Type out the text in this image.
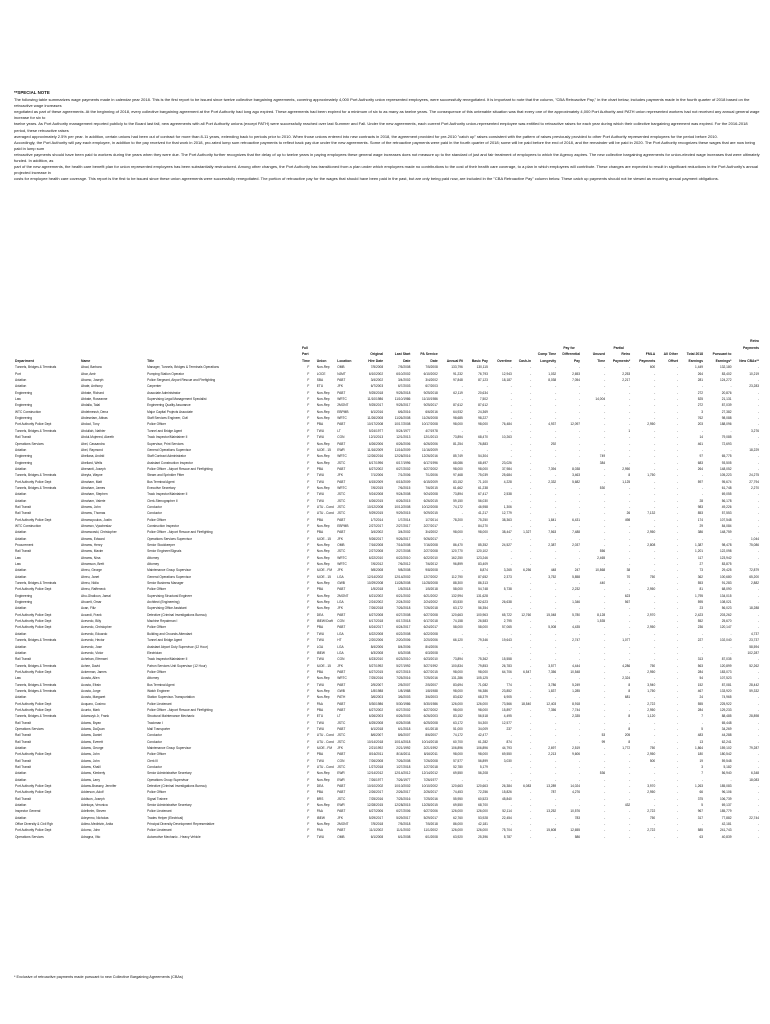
**SPECIAL NOTE

The following table summarizes wage payments made in calendar year 2018. This is the first report to be issued since twelve collective bargaining agreements, covering approximately 4,000 Port Authority union represented employees, were successfully renegotiated. It is important to note that the column, "CBA Retroactive Pay," in the chart below, includes payments made in the fourth quarter of 2018 based on the retroactive wage increases

negotiated as part of these agreements. At the beginning of 2018, every collective bargaining agreement at the Port Authority had long ago expired. These agreements had been expired for a minimum of six to as many as twelve years. The consequence of this untenable situation was that every one of the approximately 4,000 Port Authority and PATH union represented workers had not received any annual general wage increase for six to

twelve years. As Port Authority management reported publicly to the Board last fall, new agreements with all Port Authority unions (except PATH) were successfully reached over last Summer and Fall. Under the new agreements, each current Port Authority union-represented employee was entitled to retroactive raises for each year during which their collective bargaining agreement was expired. For the 2016-2018 period, these retroactive raises

averaged approximately 2.5% per year. In addition, certain unions had been out of contract for more than 8-11 years, extending back to periods prior to 2010. When those unions entered into new contracts in 2018, the agreement provided for pre-2010 "catch up" raises consistent with the pattern of raises previously provided to other Port Authority represented employees for the period before 2010.

Accordingly, the Port Authority will pay each employee, in addition to the pay received for that work in 2018, pro-rated lump sum retroactive payments to reflect back pay due under the new agreements. Some of the retroactive payments were paid in the fourth quarter of 2018; some will be paid before the end of 2018, and the remainder will be paid in 2020. The Port Authority recognizes these wages that are now being paid in lump sum

retroactive payments should have been paid to workers during the years when they were due. The Port Authority further recognizes that the delay of up to twelve years in paying employees these general wage increases does not measure up to the standard of just and fair treatment of employees to which the Agency aspires. The new collective bargaining agreements for union-elected wage increases that were ultimately funded. In addition, as

part of the new agreements, the health care benefit plan for union represented employees has been substantially restructured. Among other changes, the Port Authority has transitioned from a plan under which employees made no contributions to the cost of their health care coverage, to a plan in which employees will contribute. These changes are expected to result in significant reductions in the Port Authority's annual projected increase in

costs for employee health care coverage. This report is the first to be issued since these union agreements were successfully renegotiated. The portion of retroactive pay for the wages that should have been paid in the past, but are only being paid now, are included in the "CBA Retroactive Pay" column below. These catch up payments should not be viewed as recurring annual payment obligations.

																					Retro
			Full											Pay for		Partial					Payments
			Part			Original	Last Start	PA Service				Comp Time		Differential	Unused	Retro	FMLA	All Other	Total 2018	Pursuant to	
Department	Name	Title	Time	Union	Location	Hire Date	Date	Date	Annual Rt	Basic Pay	Overtime	Cash-in	Longevity	Pay	Time	Payments*	Payments	Offset	Earnings	Earnings*	New CBAs**
Tunnels, Bridges & Terminals	Abad, Barbara	Manager, Tunnels, Bridges & Terminals Operations	F	Non-Rep	OMB	7/5/2008	7/5/2008	7/5/2008	133,796	130,115	-	-	-	-	-	-	600	-	1,449	132,180	-
Port	Abar, Amir	Pumping Station Operator	F	LOCE	NJMT	6/10/2002	6/10/2002	6/10/2002	91,232	76,793	12,943	-	1,032	2,653	-	2,253	-	-	264	83,402	10,219
Aviation	Abarno, Joseph	Police Sergeant, Airport Rescue and Firefighting	F	SBA	PABT	3/4/2002	3/4/2002	3/4/2002	97,848	87,123	18,187	-	8,038	7,054	-	2,217	-	-	281	124,272	-
Aviation	Abate, Anthony	Carpenter	F	ETU	JFK	6/7/2003	6/7/2003	6/7/2003	-	-	-	-	-	-	-	-	-	-	-	-	23,283
Engineering	Abbate, Richard	Associate Administrator	F	Non-Rep	PABT	9/25/2018	9/25/2018	9/25/2018	62,119	20,634	-	-	-	-	-	-	-	-	272	20,876	-
Law	Abbate, Roseanne	Supervising Legal Management Specialist	F	Non-Rep	WRTC	11/10/1986	11/10/1986	11/10/1986	-	7,502	-	-	-	-	14,004	-	-	-	525	21,131	-
Engineering	Abdalla, Talal	Engineering Quality Assurance	F	Non-Rep	2MONT	9/25/2017	9/25/2017	9/25/2017	87,612	87,612	-	-	-	-	-	-	-	-	272	87,039	-
WTC Construction	Abdelmessh, Dena	Major Capital Projects Associate	F	Non-Rep	EBPMB	6/1/2016	6/6/2016	6/6/2016	64,932	24,369	-	-	-	-	-	-	-	-	3	27,382	-
Engineering	Abdeselam, Abbas	Staff Services Engineer, Civil	F	Non-Rep	WRTC	11/26/2008	11/26/2008	11/26/2008	98,685	98,227	-	-	-	-	-	-	-	-	762	98,088	-
Port Authority Police Dept	Abdool, Tony	Police Officer	F	PBA	PABT	10/17/2008	10/17/2008	10/17/2008	98,000	98,000	76,484	-	4,937	12,097	-	-	2,950	-	203	188,096	-
Tunnels, Bridges & Terminals	Abdullah, Nathier	Tunnel and Bridge Agent	F	TWU	LT	5/24/1977	5/24/1977	4/7/1978	-	-	-	-	-	-	-	1	-	-	-	-	3,276
Rail Transit	Abdul-Mujeeed, Akeeth	Track Inspector/Maintainer II	F	TWU	CON	12/1/2013	12/1/2013	12/1/2013	73,894	68,470	10,263	-	-	-	-	-	-	-	14	79,085	-
Operations Services	Abel, Cassandra	Supervisor, Print Services	F	Non-Rep	PABT	6/26/2006	6/26/2006	6/26/2006	81,254	76,883	-	-	292	-	-	-	-	-	461	72,693	-
Aviation	Abel, Raymond	General Operations Supervisor	F	IUOE - 15	EWR	11/16/2009	11/16/2009	11/16/2009	-	-	-	-	-	-	-	-	-	-	-	-	18,229
Engineering	Abellana, Andrid	Staff Contract Administrator	F	Non-Rep	WRTC	12/26/2016	12/26/2016	12/26/2016	85,749	54,304	-	-	-	-	749	-	-	-	97	65,775	-
Engineering	Abellard, Wells	Assistant Construction Inspector	F	Non-Rep	JSTC	6/17/1996	6/17/1996	6/17/1996	68,086	68,497	23,026	-	-	-	384	-	-	-	683	93,505	-
Aviation	Abenanti, Joseph	Police Officer - Airport Rescue and Firefighting	F	PBA	PABT	6/27/2002	6/27/2002	6/27/2002	98,000	98,000	37,984	-	7,394	8,038	-	2,950	-	-	264	148,052	-
Tunnels, Bridges & Terminals	Abeyta, Wayne	Steam and Sprinkler Fitter	F	TWU	JFK	7/1/2006	7/1/2006	7/1/2006	97,468	75,039	25,684	-	-	3,463	-	8	1,750	-	-	105,223	24,275
Port Authority Police Dept	Abraham, Matt	Bus Terminal Agent	F	TWU	PABT	6/15/2009	6/15/2009	6/15/2009	83,152	71,100	4,228	-	2,332	5,682	-	1,125	-	-	597	95,674	27,794
Tunnels, Bridges & Terminals	Abraham, James	Executive Secretary	F	Non-Rep	WRTC	7/6/2015	7/6/2015	7/6/2015	61,662	61,238	-	-	-	-	530	-	-	-	-	61,748	2,270
Aviation	Abraham, Stephen	Track Inspector/Maintainer II	F	TWU	JSTC	9/24/2008	9/24/2008	9/24/2008	73,894	67,417	2,538	-	-	-	-	-	-	-	-	69,055	-
Aviation	Abraham, Valerie	Clerk-Stenographer II	F	TWU	JSTC	6/26/2015	6/26/2015	6/26/2015	59,150	56,030	-	-	-	-	-	-	-	-	28	56,178	-
Rail Transit	Abrams, John	Conductor	F	UTU - Cond	JSTC	10/12/2008	10/12/2008	10/12/2008	74,172	46,958	1,306	-	-	-	-	-	-	-	983	49,226	-
Rail Transit	Abrams, Thomas	Conductor	F	UTU - Cond	JSTC	9/29/2015	9/29/2015	9/29/2015	-	41,217	12,779	-	-	-	-	26	7,132	-	853	57,553	-
Port Authority Police Dept	Abramopoulos, Justin	Police Officer	F	PBA	PABT	1/7/2014	1/7/2014	1/7/2014	78,200	75,250	38,363	-	1,841	6,431	-	498	-	-	174	107,548	-
WTC Construction	Abramov, Vyacheslav	Construction Inspector	F	Non-Rep	EBPMB	2/27/2017	2/27/2017	2/27/2017	-	84,270	-	-	-	-	-	-	-	-	29	84,084	-
Aviation	Abramowski, Christopher	Police Officer - Airport Rescue and Firefighting	F	PBA	PABT	3/4/2002	3/4/2002	3/4/2002	98,000	98,000	38,447	1,327	7,563	7,488	-	-	2,950	-	386	148,759	-
Aviation	Abrams, Edward	Operations Services Supervisor	F	IUOE - 15	JFK	9/26/2017	9/26/2017	9/26/2017	-	-	-	-	-	-	-	-	-	-	-	-	1,044
Procurement	Abrams, Henry	Senior Stockkeeper	F	Non-Rep	OMB	7/16/2008	7/16/2008	7/16/2008	86,470	85,352	24,527	-	2,387	2,037	-	-	2,808	-	1,387	98,478	75,086
Rail Transit	Abrams, Maxim	Senior Engineer/Signals	F	Non-Rep	JSTC	2/27/2008	2/27/2008	2/27/2008	120,770	120,102	-	-	-	-	556	-	-	-	1,201	122,098	-
Law	Abrams, Nina	Attorney	F	Non-Rep	WRTC	6/22/2010	6/22/2010	6/22/2010	162,250	123,246	-	-	-	-	2,465	-	-	-	117	123,942	-
Law	Abramson, Brett	Attorney	F	Non-Rep	WRTC	7/6/2012	7/6/2012	7/6/2012	96,899	83,409	-	-	-	-	-	-	-	-	27	83,875	-
Aviation	Abreu, George	Maintenance Group Supervisor	F	IUOE - FM	JFK	9/8/2008	9/8/2008	9/8/2008	-	8,874	3,265	6,256	448	247	10,868	38	-	-	73	29,425	72,879
Aviation	Abreu, Janet	General Operations Supervisor	F	IUOE - 15	LGA	12/14/2002	12/14/2002	12/7/2002	112,790	87,652	2,373	-	3,752	5,858	-	70	750	-	362	100,680	65,200
Tunnels, Bridges & Terminals	Abreu, Nidia	Senior Business Manager	F	Non-Rep	GWB	10/29/2008	11/28/2008	11/28/2008	88,300	86,313	-	-	-	-	440	-	-	-	553	91,283	2,882
Port Authority Police Dept	Abreu, Raffeneck	Police Officer	F	PBA	PABT	1/5/2018	1/5/2018	1/5/2018	58,000	54,748	5,738	-	-	2,232	-	-	2,950	-	81	68,090	-
Engineering	Abu-Ghalioun, Jamal	Supervising Structural Engineer	F	Non-Rep	2MONT	6/21/2002	6/21/2002	6/21/2002	132,994	131,628	-	-	-	-	-	623	-	-	1,795	134,015	-
Engineering	Abuzeit, Omar	Architect (Engineering)	F	Non-Rep	LGA	2/24/2002	2/24/2002	2/24/2002	83,530	82,623	26,638	-	-	1,346	-	567	-	-	595	108,021	-
Aviation	Acan, Filiz	Supervising Office Assistant	F	Non-Rep	JFK	7/26/2018	7/26/2018	7/26/2018	63,172	56,354	-	-	-	-	-	-	-	-	23	56,023	18,288
Port Authority Police Dept	Accardi, Frank	Detective (Criminal Investigations Bureau)	F	DEA	PABT	6/27/2008	6/27/2008	6/27/2008	120,663	100,963	65,722	12,760	15,048	5,780	8,128	-	2,970	-	2,423	203,262	-
Port Authority Police Dept	Acevedo, Billy	Machine Repairman I	F	IBEW/Craft	CON	6/17/2018	6/17/2018	6/17/2018	74,158	26,583	2,795	-	-	-	1,535	-	-	-	552	25,670	-
Port Authority Police Dept	Acevedo, Christopher	Police Officer	F	PBA	PABT	6/24/2017	6/24/2017	6/24/2017	58,000	58,000	57,065	-	5,008	4,435	-	-	2,950	-	236	120,147	-
Aviation	Acevedo, Eduardo	Building and Grounds Attendant	F	TWU	LGA	6/22/2008	6/22/2008	6/22/2008	-	-	-	-	-	-	-	-	-	-	-	-	4,737
Tunnels, Bridges & Terminals	Acevedo, Hector	Tunnel and Bridge Agent	F	TWU	HT	2/20/2006	2/20/2006	2/20/2006	66,120	79,346	19,643	-	-	2,747	-	1,077	-	-	227	102,040	23,737
Aviation	Acevedo, Jose	Assistant Airport Duty Supervisor (12 Hour)	F	LGA	LGA	8/4/2006	8/4/2006	8/4/2006	-	-	-	-	-	-	-	-	-	-	-	-	58,594
Aviation	Acevedo, Victor	Electrician	F	IBEW	LGA	6/3/2008	6/3/2008	6/3/2008	-	-	-	-	-	-	-	-	-	-	-	-	102,287
Rail Transit	Acheban, Efemwei	Track Inspector/Maintainer II	F	TWU	CON	6/23/2010	6/23/2010	6/23/2010	73,894	75,362	15,558	-	-	-	-	-	-	-	313	87,035	-
Tunnels, Bridges & Terminals	Achee, David	Patron Services Unit Supervisor (12 Hour)	F	IUOE - 15	JFK	5/27/1992	5/27/1992	5/27/1992	100,834	79,853	26,783	-	3,577	4,444	-	4,286	750	-	563	120,899	52,262
Port Authority Police Dept	Ackerman, James	Police Officer	F	PBA	PABT	6/27/2015	6/27/2015	6/27/2015	98,000	98,000	64,706	6,547	7,356	10,548	-	-	2,950	-	284	183,073	-
Law	Acosta, Allen	Attorney	F	Non-Rep	WRTC	7/25/2016	7/25/2016	7/25/2016	131,286	105,125	-	-	-	-	-	2,324	-	-	54	107,523	-
Tunnels, Bridges & Terminals	Acosta, Efrain	Bus Terminal Agent	F	TWU	PABT	2/5/2007	2/5/2007	2/5/2007	83,694	71,082	774	-	3,786	5,249	-	8	3,940	-	152	87,081	28,442
Tunnels, Bridges & Terminals	Acosta, Jorge	Watch Engineer	F	Non-Rep	GWB	1/8/1988	1/8/1988	1/8/1988	98,000	96,386	23,852	-	1,837	1,285	-	8	1,750	-	467	133,920	59,332
Aviation	Acosta, Margaret	Station Supervisor-Transportation	F	Non-Rep	PATH	3/6/2003	3/6/2003	3/6/2003	83,632	68,379	6,905	-	-	-	-	681	-	-	24	74,965	-
Port Authority Police Dept	Acquaro, Cosimo	Police Lieutenant	F	PAA	PABT	5/30/1986	5/30/1986	5/30/1986	126,000	126,000	73,566	18,540	12,403	8,918	-	-	2,722	-	555	225,922	-
Port Authority Police Dept	Acunto, Mark	Police Officer - Airport Rescue and Firefighting	F	PBA	PABT	6/27/2002	6/27/2002	6/27/2002	98,000	98,000	15,897	-	7,356	7,744	-	-	2,950	-	284	129,233	-
Tunnels, Bridges & Terminals	Adamczyk Jr, Frank	Structural Maintenance Mechanic	F	ETU	LT	6/26/2003	6/26/2003	6/26/2003	83,152	56,518	4,495	-	-	2,335	-	8	1,120	-	7	88,485	28,898
Rail Transit	Adams, Bryan	Trackman I	F	TWU	JSTC	6/25/2008	6/25/2008	6/25/2008	63,172	54,300	12,577	-	-	-	-	-	-	-	-	65,448	-
Operations Services	Adams, DaQuan	Mail Transporter	F	TWU	PABT	6/1/2018	6/1/2018	6/1/2018	51,000	34,009	237	-	-	-	-	8	-	-	5	34,269	-
Rail Transit	Adams, Daniel	Conductor	F	UTU - Cond	JSTC	8/6/2007	8/6/2007	8/6/2007	74,172	42,477	-	-	-	-	53	205	-	-	483	44,288	-
Rail Transit	Adams, Everett	Conductor	F	UTU - Cond	JSTC	10/14/2018	10/14/2018	10/14/2018	60,700	61,282	874	-	-	-	99	8	-	-	13	62,241	-
Aviation	Adams, George	Maintenance Group Supervisor	F	IUOE - FM	JFK	2/21/1992	2/21/1992	2/21/1992	106,896	106,896	44,793	-	2,697	2,519	-	1,772	750	-	1,864	159,102	79,287
Port Authority Police Dept	Adams, John	Police Officer	F	PBA	PABT	8/16/2011	8/16/2011	8/16/2011	98,000	98,000	69,550	-	2,213	9,606	-	-	2,950	-	180	180,542	-
Rail Transit	Adams, John	Clerk III	F	TWU	CON	7/26/2008	7/26/2008	7/26/2008	57,577	56,899	3,030	-	-	-	-	-	500	-	19	59,548	-
Rail Transit	Adams, Khalil	Conductor	F	UTU - Cond	JSTC	1/27/2018	1/27/2018	1/27/2018	52,780	5,179	-	-	-	-	-	-	-	-	3	5,182	-
Aviation	Adams, Kimberly	Senior Administrative Secretary	F	Non-Rep	EWR	12/14/2012	12/14/2012	12/14/2012	69,550	56,208	-	-	-	-	536	-	-	-	7	56,940	6,348
Aviation	Adams, Larry	Operations Group Supervisor	F	Non-Rep	EWR	7/26/1977	7/26/1977	7/26/1977	-	-	-	-	-	-	-	-	-	-	-	-	18,083
Port Authority Police Dept	Adams-Brassey, Jennifer	Detective (Criminal Investigations Bureau)	F	DEA	PABT	10/10/2002	10/10/2002	10/10/2002	120,663	120,663	26,384	6,083	13,289	14,024	-	-	3,970	-	1,263	185,083	-
Port Authority Police Dept	Adderson, Adolf	Police Officer	F	PBA	PABT	2/26/2017	2/26/2017	2/26/2017	74,453	72,256	15,826	-	787	4,276	-	-	2,950	-	66	96,106	-
Rail Transit	Addison, Joseph	Signal Trainee	F	BRS	JSTC	7/25/2016	7/25/2016	7/25/2016	55,950	60,523	45,840	-	-	-	-	-	-	-	375	106,739	-
Aviation	Adekoya, Veronica	Senior Administrative Secretary	F	Non-Rep	EWR	12/28/2015	12/28/2015	12/28/2015	69,550	68,700	-	-	-	-	-	432	-	-	5	69,137	-
Inspector General	Adelhelm, Steven	Police Lieutenant	F	PAA	PABT	6/27/2006	6/27/2006	6/27/2006	126,000	126,000	52,114	-	13,252	10,576	-	-	2,722	-	967	185,779	-
Aviation	Adeyemo, Nicholas	Trades Helper (Electrical)	F	IBEW	JFK	5/29/2017	5/29/2017	5/29/2017	62,760	53,928	22,454	-	-	783	-	-	750	-	317	77,882	22,744
Office Diversity & Civil Rgh	Adimo-Medirtzin, Anita	Principal Diversity Development Representative	F	Non-Rep	2MONT	7/5/2018	7/5/2018	7/5/2018	86,000	42,181	-	-	-	-	-	-	-	-	-	42,181	-
Port Authority Police Dept	Adorno, John	Police Lieutenant	F	PAA	PABT	11/1/2002	11/1/2002	11/1/2002	126,000	126,000	75,704	-	15,608	12,655	-	-	2,722	-	585	241,743	-
Operations Services	Adragna, Vito	Automotive Mechanic - Heavy Vehicle	F	TWU	OMB	6/1/2008	6/1/2008	6/1/2008	63,920	25,396	5,787	-	-	586	-	-	-	-	63	40,839	-
* Exclusive of retroactive payments made pursuant to new Collective Bargaining Agreements (CBAs)
